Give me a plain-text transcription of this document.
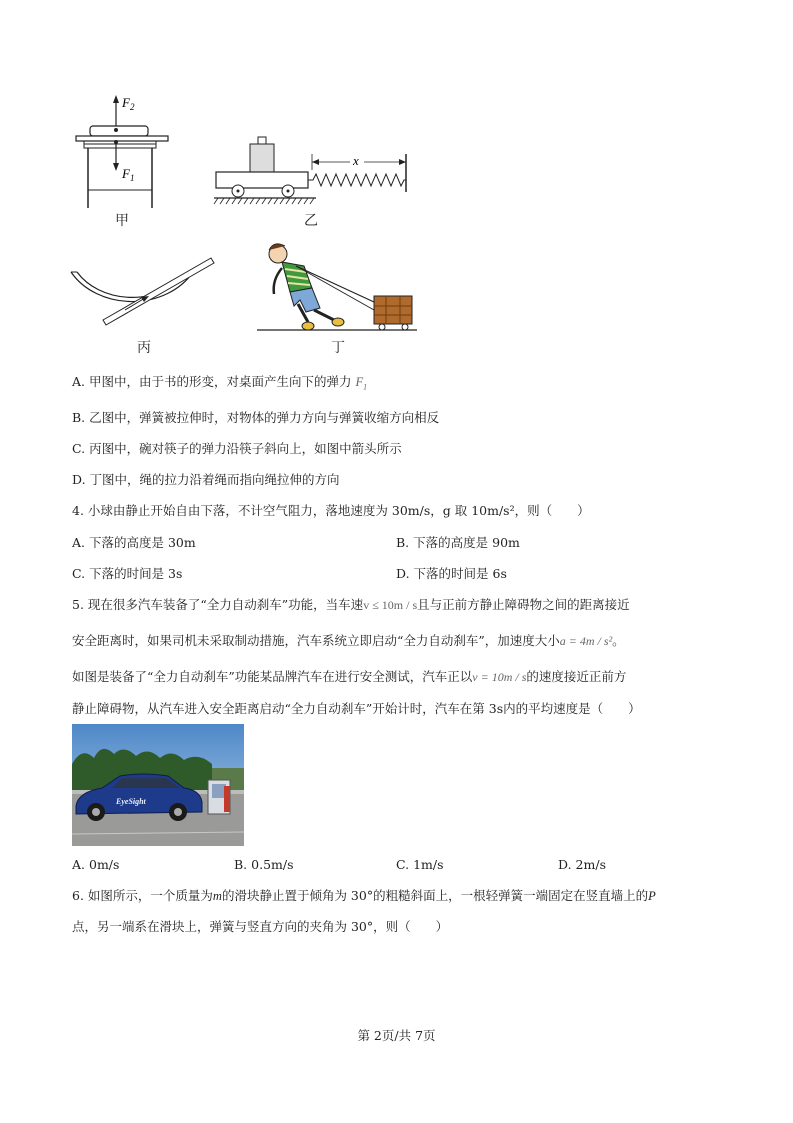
$F_2$
$F_1$
甲
x
乙
丙	丁
A. 甲图中，由于书的形变，对桌面产生向下的弹力 $F_1$
B. 乙图中，弹簧被拉伸时，对物体的弹力方向与弹簧收缩方向相反
C. 丙图中，碗对筷子的弹力沿筷子斜向上，如图中箭头所示
D. 丁图中，绳的拉力沿着绳而指向绳拉伸的方向
4. 小球由静止开始自由下落，不计空气阻力，落地速度为 30m/s，g 取 10m/s²，则（　　）
A. 下落的高度是 30m	B. 下落的高度是 90m
C. 下落的时间是 3s	D. 下落的时间是 6s
5. 现在很多汽车装备了“全力自动刹车”功能，当车速v ≤ 10m / s且与正前方静止障碍物之间的距离接近
安全距离时，如果司机未采取制动措施，汽车系统立即启动“全力自动刹车”，加速度大小a = 4m / s²。
如图是装备了“全力自动刹车”功能某品牌汽车在进行安全测试，汽车正以v = 10m / s的速度接近正前方
静止障碍物，从汽车进入安全距离启动“全力自动刹车”开始计时，汽车在第 3s内的平均速度是（　　）
EyeSight
A. 0m/s	B. 0.5m/s	C. 1m/s	D. 2m/s
6. 如图所示，一个质量为m的滑块静止置于倾角为 30°的粗糙斜面上，一根轻弹簧一端固定在竖直墙上的P
点，另一端系在滑块上，弹簧与竖直方向的夹角为 30°，则（　　）
第 2页/共 7页
